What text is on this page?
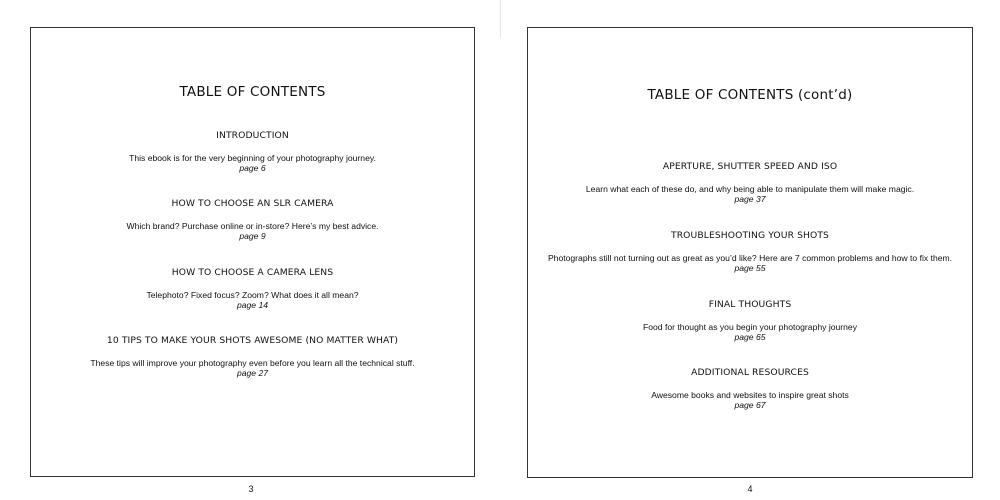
TABLE OF CONTENTS

INTRODUCTION

This ebook is for the very beginning of your photography journey.

page 6

HOW TO CHOOSE AN SLR CAMERA

Which brand? Purchase online or in-store? Here’s my best advice.

page 9

HOW TO CHOOSE A CAMERA LENS

Telephoto? Fixed focus? Zoom? What does it all mean?

page 14

10 TIPS TO MAKE YOUR SHOTS AWESOME (NO MATTER WHAT)

These tips will improve your photography even before you learn all the technical stuff.

page 27

3
TABLE OF CONTENTS (cont’d)

APERTURE, SHUTTER SPEED AND ISO

Learn what each of these do, and why being able to manipulate them will make magic.

page 37

TROUBLESHOOTING YOUR SHOTS

Photographs still not turning out as great as you’d like? Here are 7 common problems and how to fix them.

page 55

FINAL THOUGHTS

Food for thought as you begin your photography journey

page 65

ADDITIONAL RESOURCES

Awesome books and websites to inspire great shots

page 67

4
